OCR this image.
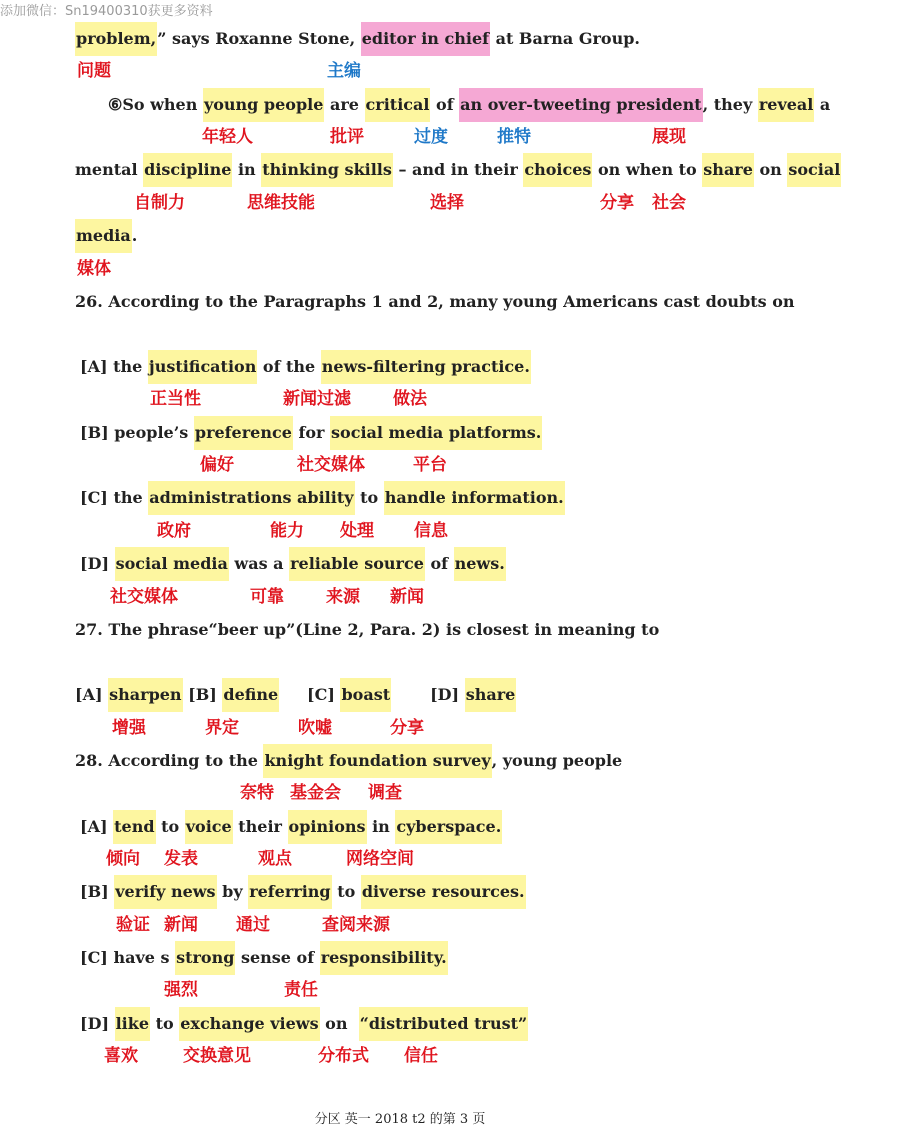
添加微信：Sn19400310获更多资料
problem,” says Roxanne Stone, editor in chief at Barna Group.
⑥So when young people are critical of an over-tweeting president, they reveal a
mental discipline in thinking skills – and in their choices on when to share on social
media.
26. According to the Paragraphs 1 and 2, many young Americans cast doubts on
[A] the justification of the news-filtering practice.
[B] people’s preference for social media platforms.
[C] the administrations ability to handle information.
[D] social media was a reliable source of news.
27. The phrase“beer up”(Line 2, Para. 2) is closest in meaning to
[A] sharpen [B] define     [C] boast       [D] share
28. According to the knight foundation survey, young people
[A] tend to voice their opinions in cyberspace.
[B] verify news by referring to diverse resources.
[C] have s strong sense of responsibility.
[D] like to exchange views on  “distributed trust”
问题	主编
年轻人	批评	过度	推特	展现
自制力	思维技能	选择	分享 社会
媒体
正当性	新闻过滤 做法
偏好	社交媒体	平台
政府	能力 处理 信息
社交媒体	可靠 来源 新闻
增强	界定	吹嘘	分享
奈特 基金会 调查
倾向 发表	观点	网络空间
验证 新闻 通过	查阅来源
强烈	责任
喜欢	交换意见	分布式 信任
分区 英一 2018 t2 的第 3 页
